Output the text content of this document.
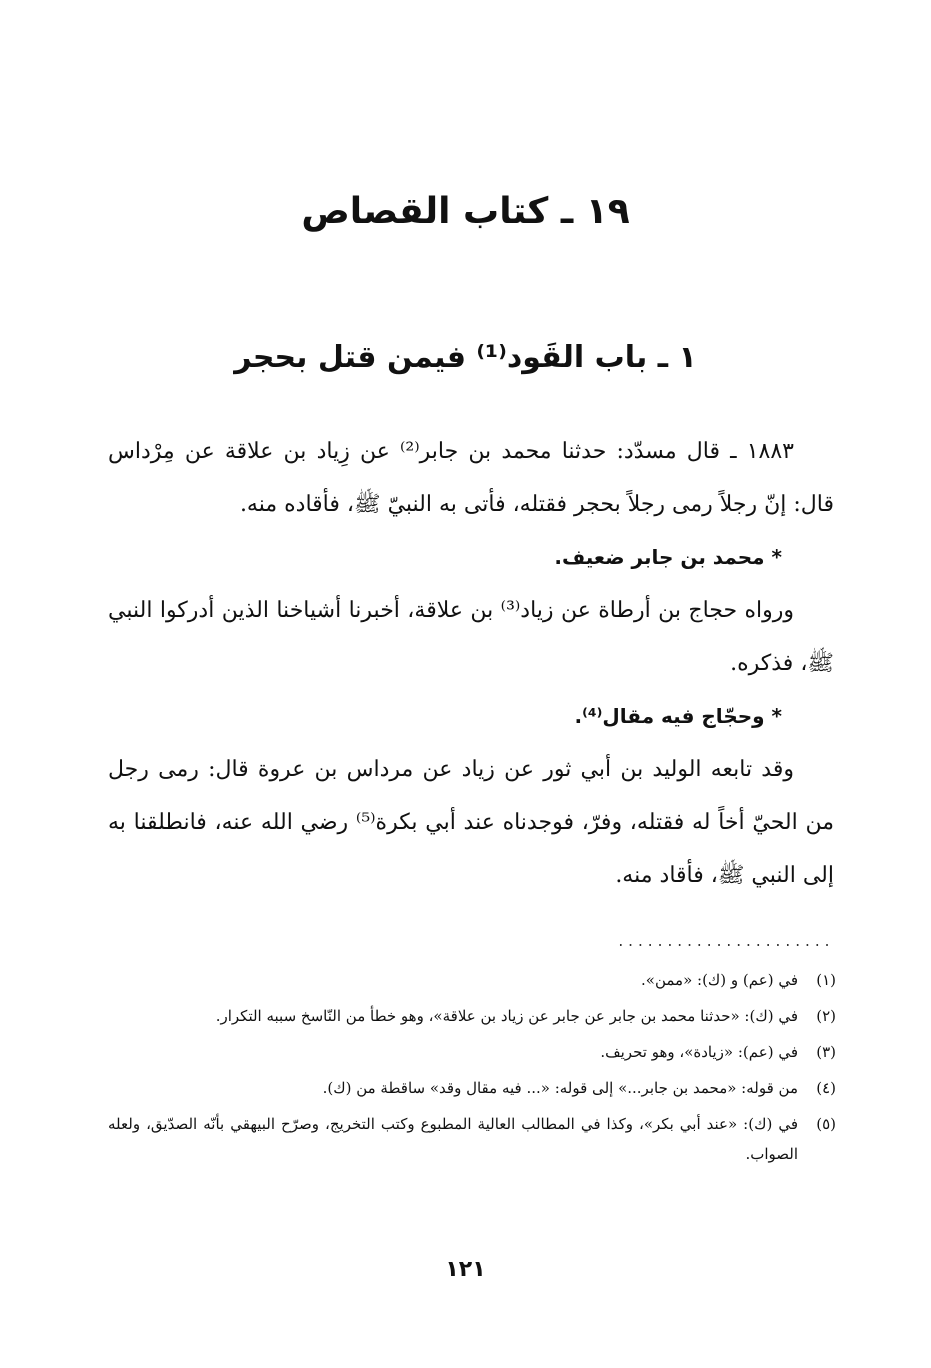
١٩ ـ كتاب القصاص
١ ـ باب القَود⁽¹⁾ فيمن قتل بحجر

١٨٨٣ ـ قال مسدّد: حدثنا محمد بن جابر⁽²⁾ عن زِياد بن علاقة عن مِرْداس قال: إنّ رجلاً رمى رجلاً بحجر فقتله، فأتى به النبيّ ﷺ، فأقاده منه.

* محمد بن جابر ضعيف.

ورواه حجاج بن أرطاة عن زياد⁽³⁾ بن علاقة، أخبرنا أشياخنا الذين أدركوا النبي ﷺ، فذكره.

* وحجّاج فيه مقال⁽⁴⁾.

وقد تابعه الوليد بن أبي ثور عن زياد عن مرداس بن عروة قال: رمى رجل من الحيّ أخاً له فقتله، وفرّ، فوجدناه عند أبي بكرة⁽⁵⁾ رضي الله عنه، فانطلقنا به إلى النبي ﷺ، فأقاد منه.

......................
(١)
في (عم) و (ك): «ممن».
(٢)
في (ك): «حدثنا محمد بن جابر عن جابر عن زياد بن علاقة»، وهو خطأ من النّاسخ سببه التكرار.
(٣)
في (عم): «زيادة»، وهو تحريف.
(٤)
من قوله: «محمد بن جابر...» إلى قوله: «... فيه مقال وقد» ساقطة من (ك).
(٥)
في (ك): «عند أبي بكر»، وكذا في المطالب العالية المطبوع وكتب التخريج، وصرّح البيهقي بأنّه الصدّيق، ولعله الصواب.
١٢١
